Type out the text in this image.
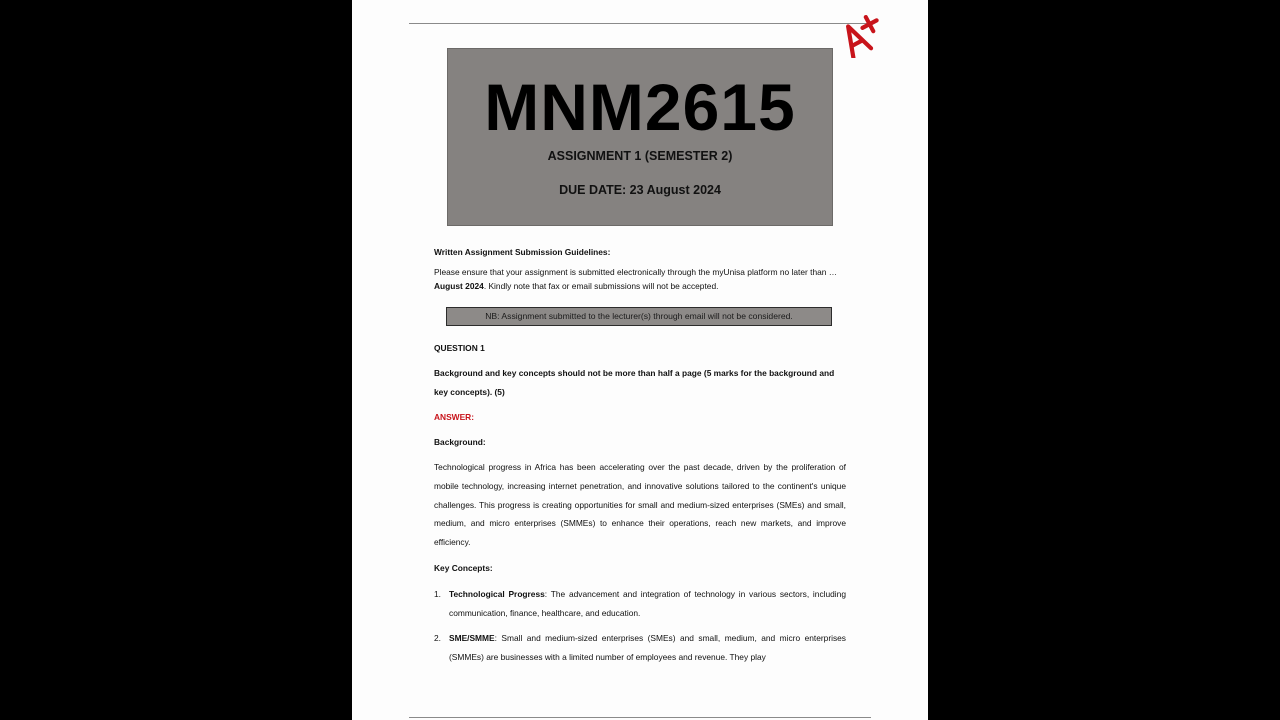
MNM2615
ASSIGNMENT 1 (SEMESTER 2)
DUE DATE: 23 August 2024
Written Assignment Submission Guidelines:
Please ensure that your assignment is submitted electronically through the myUnisa platform no later than …August 2024. Kindly note that fax or email submissions will not be accepted.
NB: Assignment submitted to the lecturer(s) through email will not be considered.
QUESTION 1
Background and key concepts should not be more than half a page (5 marks for the background and key concepts). (5)
ANSWER:
Background:
Technological progress in Africa has been accelerating over the past decade, driven by the proliferation of mobile technology, increasing internet penetration, and innovative solutions tailored to the continent's unique challenges. This progress is creating opportunities for small and medium-sized enterprises (SMEs) and small, medium, and micro enterprises (SMMEs) to enhance their operations, reach new markets, and improve efficiency.
Key Concepts:
1. Technological Progress: The advancement and integration of technology in various sectors, including communication, finance, healthcare, and education.
2. SME/SMME: Small and medium-sized enterprises (SMEs) and small, medium, and micro enterprises (SMMEs) are businesses with a limited number of employees and revenue. They play
